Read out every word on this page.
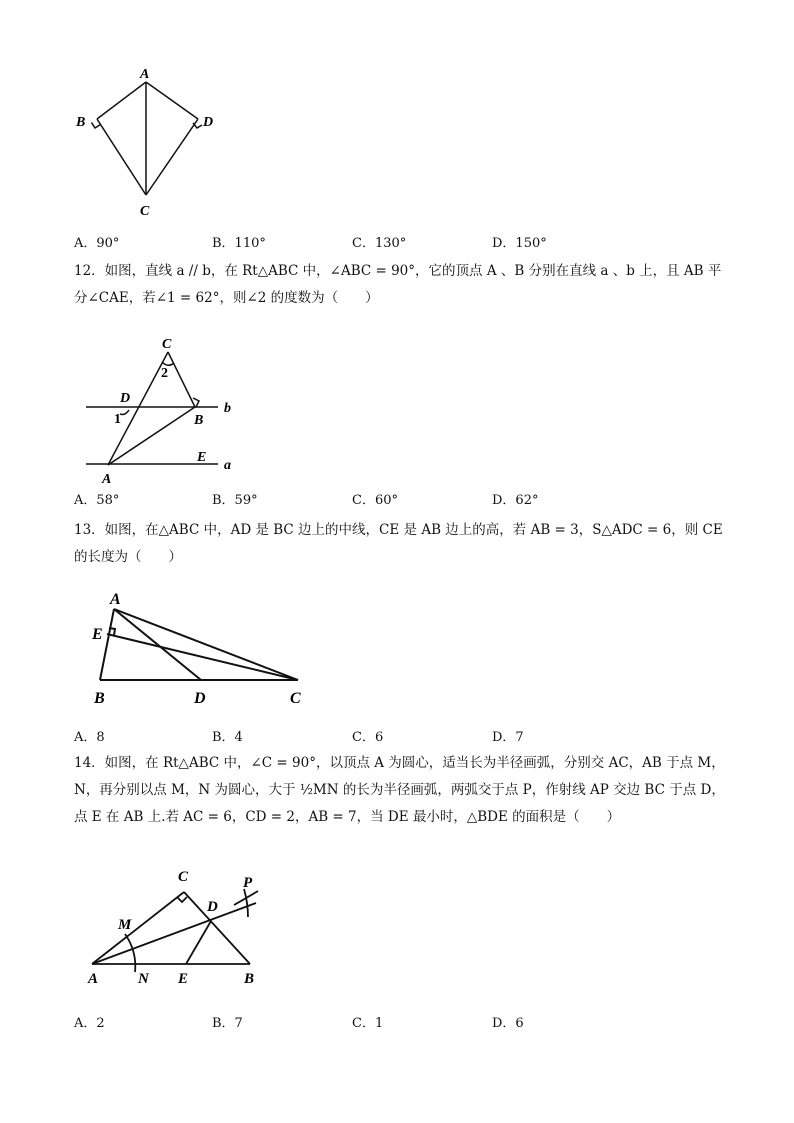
A
B	D
C
A．90°	B．110°	C．130°	D．150°
12．如图，直线 a // b，在 Rt△ABC 中，∠ABC = 90°，它的顶点 A 、B 分别在直线 a 、b 上，且 AB 平
分∠CAE，若∠1 = 62°，则∠2 的度数为（　　）
C
2
D
1	B
b
E
a
A
A．58°	B．59°	C．60°	D．62°
13．如图，在△ABC 中，AD 是 BC 边上的中线，CE 是 AB 边上的高，若 AB = 3，S△ADC = 6，则 CE
的长度为（　　）
A
E
B	D	C
A．8	B．4	C．6	D．7
14．如图，在 Rt△ABC 中，∠C = 90°，以顶点 A 为圆心，适当长为半径画弧，分别交 AC，AB 于点 M，
N，再分别以点 M，N 为圆心，大于 ½MN 的长为半径画弧，两弧交于点 P，作射线 AP 交边 BC 于点 D，
点 E 在 AB 上.若 AC = 6，CD = 2，AB = 7，当 DE 最小时，△BDE 的面积是（　　）
C
D
P
M
A	N E	B
A．2	B．7	C．1	D．6
